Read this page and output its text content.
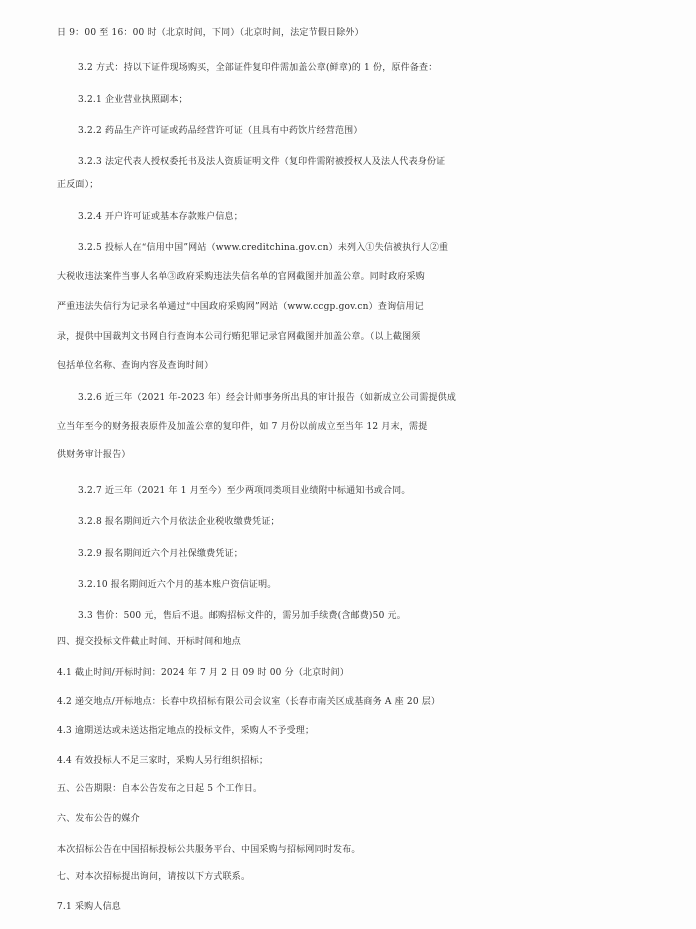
日 9：00 至 16：00 时（北京时间，下同）（北京时间，法定节假日除外）
3.2 方式：持以下证件现场购买，全部证件复印件需加盖公章(鲜章)的 1 份，原件备查：
3.2.1 企业营业执照副本；
3.2.2 药品生产许可证或药品经营许可证（且具有中药饮片经营范围）
3.2.3 法定代表人授权委托书及法人资质证明文件（复印件需附被授权人及法人代表身份证
正反面）；
3.2.4 开户许可证或基本存款账户信息；
3.2.5 投标人在“信用中国”网站（www.creditchina.gov.cn）未列入①失信被执行人②重
大税收违法案件当事人名单③政府采购违法失信名单的官网截图并加盖公章。同时政府采购
严重违法失信行为记录名单通过“中国政府采购网”网站（www.ccgp.gov.cn）查询信用记
录，提供中国裁判文书网自行查询本公司行贿犯罪记录官网截图并加盖公章。（以上截图须
包括单位名称、查询内容及查询时间）
3.2.6 近三年（2021 年-2023 年）经会计师事务所出具的审计报告（如新成立公司需提供成
立当年至今的财务报表原件及加盖公章的复印件，如 7 月份以前成立至当年 12 月末，需提
供财务审计报告）
3.2.7 近三年（2021 年 1 月至今）至少两项同类项目业绩附中标通知书或合同。
3.2.8 报名期间近六个月依法企业税收缴费凭证；
3.2.9 报名期间近六个月社保缴费凭证；
3.2.10 报名期间近六个月的基本账户资信证明。
3.3 售价：500 元，售后不退。邮购招标文件的，需另加手续费(含邮费)50 元。
四、提交投标文件截止时间、开标时间和地点
4.1 截止时间/开标时间：2024 年 7 月 2 日 09 时 00 分（北京时间）
4.2 递交地点/开标地点：长春中玖招标有限公司会议室（长春市南关区成基商务 A 座 20 层）
4.3 逾期送达或未送达指定地点的投标文件，采购人不予受理；
4.4 有效投标人不足三家时，采购人另行组织招标；
五、公告期限：自本公告发布之日起 5 个工作日。
六、发布公告的媒介
本次招标公告在中国招标投标公共服务平台、中国采购与招标网同时发布。
七、对本次招标提出询问，请按以下方式联系。
7.1 采购人信息
